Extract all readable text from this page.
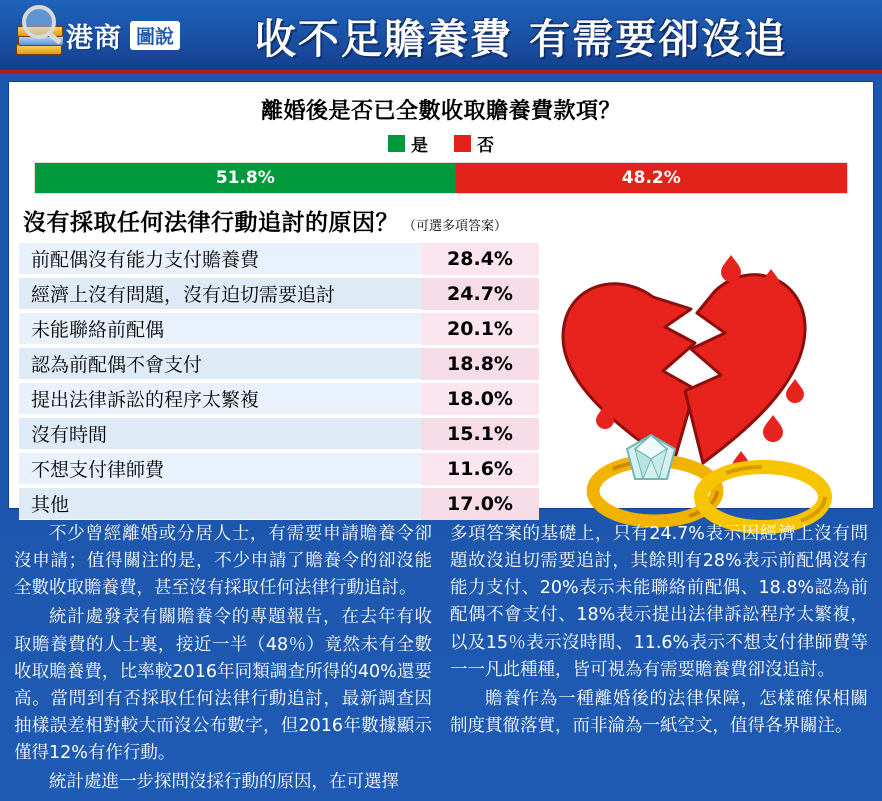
港商 圖說	收不足贍養費 有需要卻沒追
離婚後是否已全數收取贍養費款項？
是	否
51.8%	48.2%
沒有採取任何法律行動追討的原因？ （可選多項答案）
前配偶沒有能力支付贍養費	28.4%
經濟上沒有問題，沒有迫切需要追討	24.7%
未能聯絡前配偶	20.1%
認為前配偶不會支付	18.8%
提出法律訴訟的程序太繁複	18.0%
沒有時間	15.1%
不想支付律師費	11.6%
其他	17.0%

不少曾經離婚或分居人士，有需要申請贍養令卻沒申請；值得關注的是，不少申請了贍養令的卻沒能全數收取贍養費，甚至沒有採取任何法律行動追討。

統計處發表有關贍養令的專題報告，在去年有收取贍養費的人士裏，接近一半（48％）竟然未有全數收取贍養費，比率較2016年同類調查所得的40%還要高。當問到有否採取任何法律行動追討，最新調查因抽樣誤差相對較大而沒公布數字，但2016年數據顯示僅得12%有作行動。

統計處進一步探問沒採行動的原因，在可選擇

多項答案的基礎上，只有24.7%表示因經濟上沒有問題故沒迫切需要追討，其餘則有28%表示前配偶沒有能力支付、20%表示未能聯絡前配偶、18.8%認為前配偶不會支付、18%表示提出法律訴訟程序太繁複，以及15％表示沒時間、11.6%表示不想支付律師費等一一凡此種種，皆可視為有需要贍養費卻沒追討。

贍養作為一種離婚後的法律保障，怎樣確保相關制度貫徹落實，而非淪為一紙空文，值得各界關注。
